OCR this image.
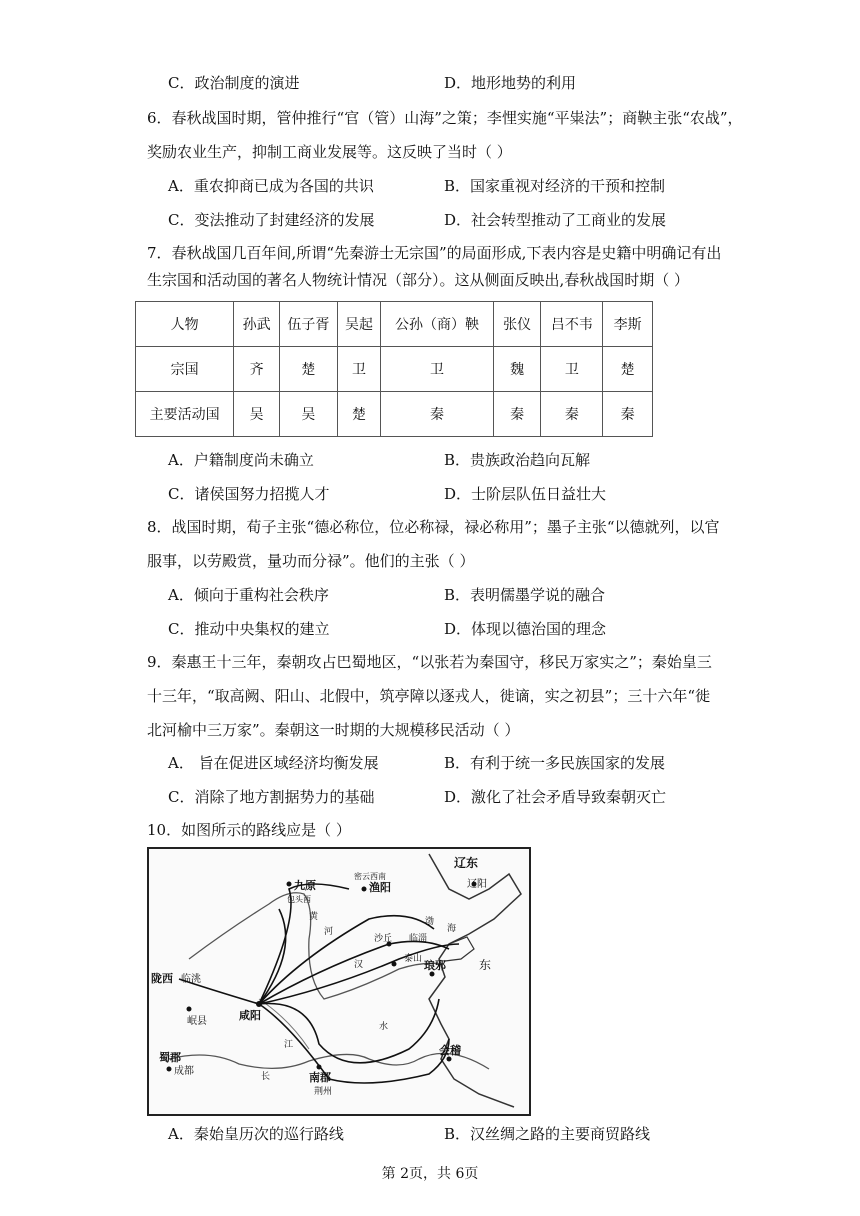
C．政治制度的演进	D．地形地势的利用
6．春秋战国时期，管仲推行“官（管）山海”之策；李悝实施“平粜法”；商鞅主张“农战”，
奖励农业生产，抑制工商业发展等。这反映了当时（ ）
A．重农抑商已成为各国的共识	B．国家重视对经济的干预和控制
C．变法推动了封建经济的发展	D．社会转型推动了工商业的发展
7．春秋战国几百年间,所谓“先秦游士无宗国”的局面形成,下表内容是史籍中明确记有出
生宗国和活动国的著名人物统计情况（部分）。这从侧面反映出,春秋战国时期（ ）
人物	孙武	伍子胥	吴起	公孙（商）鞅	张仪	吕不韦	李斯
宗国	齐	楚	卫	卫	魏	卫	楚
主要活动国	吴	吴	楚	秦	秦	秦	秦
A．户籍制度尚未确立	B．贵族政治趋向瓦解
C．诸侯国努力招揽人才	D．士阶层队伍日益壮大
8．战国时期，荀子主张“德必称位，位必称禄，禄必称用”；墨子主张“以德就列，以官
服事，以劳殿赏，量功而分禄”。他们的主张（ ）
A．倾向于重构社会秩序	B．表明儒墨学说的融合
C．推动中央集权的建立	D．体现以德治国的理念
9．秦惠王十三年，秦朝攻占巴蜀地区，“以张若为秦国守，移民万家实之”；秦始皇三
十三年，“取高阙、阳山、北假中，筑亭障以逐戎人，徙谪，实之初县”；三十六年“徙
北河榆中三万家”。秦朝这一时期的大规模移民活动（ ）
A． 旨在促进区域经济均衡发展	B．有利于统一多民族国家的发展
C．消除了地方割据势力的基础	D．激化了社会矛盾导致秦朝灭亡
10．如图所示的路线应是（ ）
辽东
辽阳
九原
包头西
密云西南
渔阳
陇西 临洮
岷县	咸阳
蜀郡
成都	南郡
荆州
琅邪
会稽
沙丘 临淄
泰山
渤
海
东
黄
河
长
江
汉
水
A．秦始皇历次的巡行路线	B．汉丝绸之路的主要商贸路线
第 2页，共 6页
